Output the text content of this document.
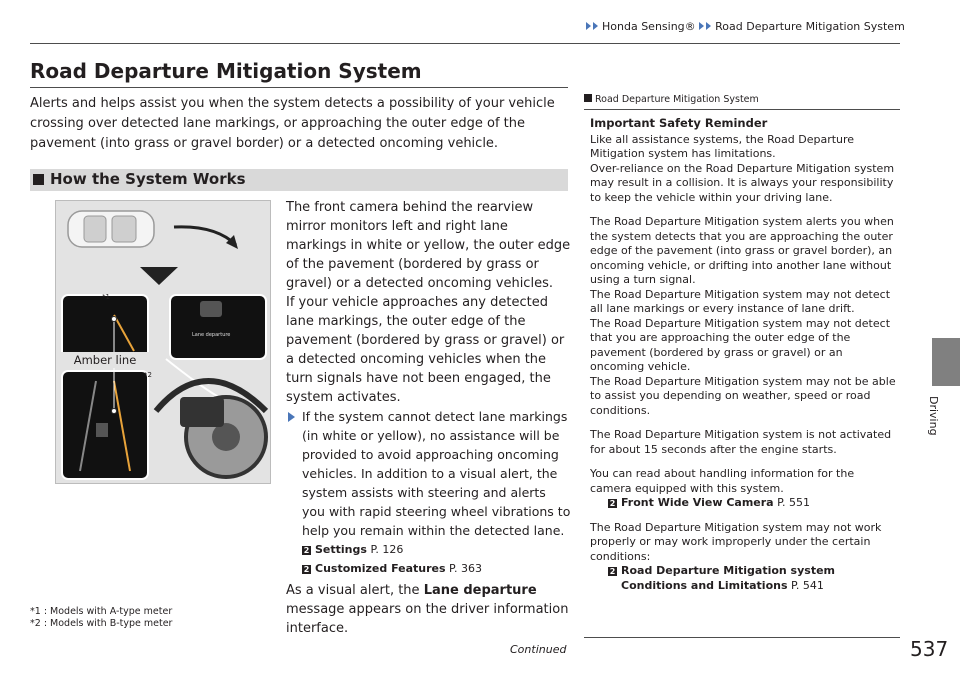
Honda Sensing® Road Departure Mitigation System
Road Departure Mitigation System
Alerts and helps assist you when the system detects a possibility of your vehicle crossing over detected lane markings, or approaching the outer edge of the pavement (into grass or gravel border) or a detected oncoming vehicle.
How the System Works
*1
*2
Amber line
Lane departure

The front camera behind the rearview mirror monitors left and right lane markings in white or yellow, the outer edge of the pavement (bordered by grass or gravel) or a detected oncoming vehicles.

If your vehicle approaches any detected lane markings, the outer edge of the pavement (bordered by grass or gravel) or a detected oncoming vehicles when the turn signals have not been engaged, the system activates.

If the system cannot detect lane markings (in white or yellow), no assistance will be provided to avoid approaching oncoming vehicles. In addition to a visual alert, the system assists with steering and alerts you with rapid steering wheel vibrations to help you remain within the detected lane.

2 Settings P. 126

2 Customized Features P. 363

As a visual alert, the Lane departure message appears on the driver information interface.

*1 : Models with A-type meter
*2 : Models with B-type meter
Road Departure Mitigation System

Important Safety Reminder

Like all assistance systems, the Road Departure Mitigation system has limitations.

Over-reliance on the Road Departure Mitigation system may result in a collision. It is always your responsibility to keep the vehicle within your driving lane.

The Road Departure Mitigation system alerts you when the system detects that you are approaching the outer edge of the pavement (into grass or gravel border), an oncoming vehicle, or drifting into another lane without using a turn signal.

The Road Departure Mitigation system may not detect all lane markings or every instance of lane drift.

The Road Departure Mitigation system may not detect that you are approaching the outer edge of the pavement (bordered by grass or gravel) or an oncoming vehicle.

The Road Departure Mitigation system may not be able to assist you depending on weather, speed or road conditions.

The Road Departure Mitigation system is not activated for about 15 seconds after the engine starts.

You can read about handling information for the camera equipped with this system.

2 Front Wide View Camera P. 551

The Road Departure Mitigation system may not work properly or may work improperly under the certain conditions:

2 Road Departure Mitigation system

Conditions and Limitations P. 541

Driving
Continued	537
